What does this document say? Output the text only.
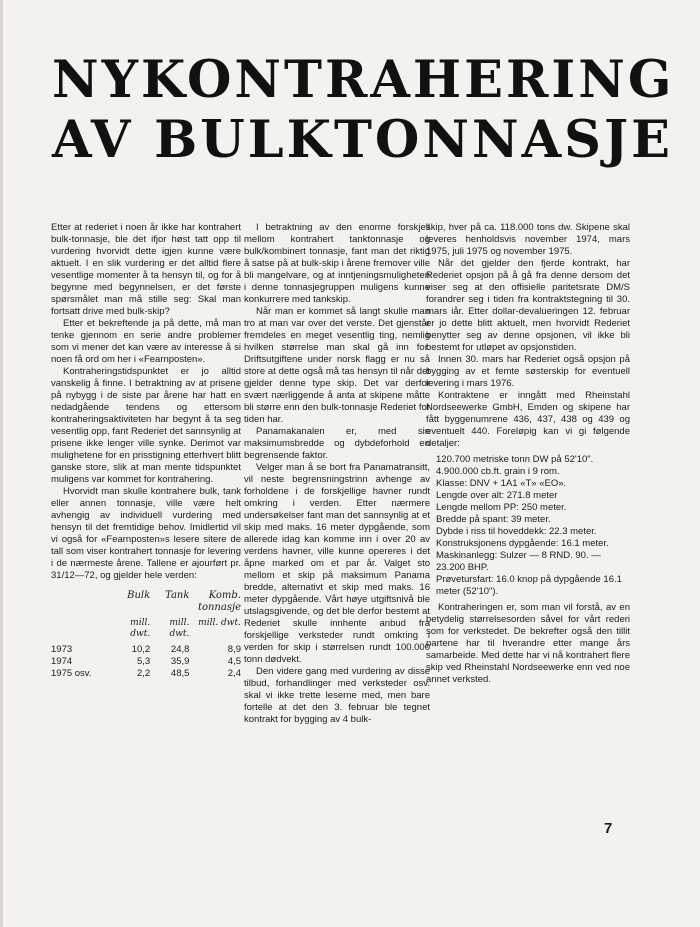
NYKONTRAHERING
AV BULKTONNASJE

Etter at rederiet i noen år ikke har kontrahert bulk-tonnasje, ble det ifjor høst tatt opp til vurdering hvorvidt dette igjen kunne være aktuelt. I en slik vurdering er det alltid flere vesentlige momenter å ta hensyn til, og for å begynne med begynnelsen, er det første spørsmålet man må stille seg: Skal man fortsatt drive med bulk-skip?

Etter et bekreftende ja på dette, må man tenke gjennom en serie andre problemer som vi mener det kan være av interesse å si noen få ord om her i «Fearnposten».

Kontraheringstidspunktet er jo alltid vanskelig å finne. I betraktning av at prisene på nybygg i de siste par årene har hatt en nedadgående tendens og ettersom kontraheringsaktiviteten har begynt å ta seg vesentlig opp, fant Rederiet det sannsynlig at prisene ikke lenger ville synke. Derimot var mulighetene for en prisstigning etterhvert blitt ganske store, slik at man mente tidspunktet muligens var kommet for kontrahering.

Hvorvidt man skulle kontrahere bulk, tank eller annen tonnasje, ville være helt avhengig av individuell vurdering med hensyn til det fremtidige behov. Imidlertid vil vi også for «Fearnposten»s lesere sitere de tall som viser kontrahert tonnasje for levering i de nærmeste årene. Tallene er ajourført pr. 31/12—72, og gjelder hele verden:

	Bulk	Tank	Komb. tonnasje
	mill. dwt.	mill. dwt.	mill. dwt.
1973	10,2	24,8	8,9
1974	5,3	35,9	4,5
1975 osv.	2,2	48,5	2,4

I betraktning av den enorme forskjell mellom kontrahert tanktonnasje og bulk/kombinert tonnasje, fant man det riktig å satse på at bulk-skip i årene fremover ville bli mangelvare, og at inntjeningsmuligheten i denne tonnasjegruppen muligens kunne konkurrere med tankskip.

Når man er kommet så langt skulle man tro at man var over det verste. Det gjenstår fremdeles en meget vesentlig ting, nemlig hvilken størrelse man skal gå inn for. Driftsutgiftene under norsk flagg er nu så store at dette også må tas hensyn til når det gjelder denne type skip. Det var derfor svært nærliggende å anta at skipene måtte bli større enn den bulk-tonnasje Rederiet for tiden har.

Panamakanalen er, med sin maksimumsbredde og dybdeforhold en begrensende faktor.

Velger man å se bort fra Panamatransitt, vil neste begrensningstrinn avhenge av forholdene i de forskjellige havner rundt omkring i verden. Etter nærmere undersøkelser fant man det sannsynlig at et skip med maks. 16 meter dypgående, som allerede idag kan komme inn i over 20 av verdens havner, ville kunne opereres i det åpne marked om et par år. Valget sto mellom et skip på maksimum Panama bredde, alternativt et skip med maks. 16 meter dypgående. Vårt høye utgiftsnivå ble utslagsgivende, og det ble derfor bestemt at Rederiet skulle innhente anbud fra forskjellige verksteder rundt omkring i verden for skip i størrelsen rundt 100.000 tonn dødvekt.

Den videre gang med vurdering av disse tilbud, forhandlinger med verksteder osv. skal vi ikke trette leserne med, men bare fortelle at det den 3. februar ble tegnet kontrakt for bygging av 4 bulk-

skip, hver på ca. 118.000 tons dw. Skipene skal leveres henholdsvis november 1974, mars 1975, juli 1975 og november 1975.

Når det gjelder den fjerde kontrakt, har Rederiet opsjon på å gå fra denne dersom det viser seg at den offisielle paritetsrate DM/S forandrer seg i tiden fra kontraktstegning til 30. mars iår. Etter dollar-devalueringen 12. februar er jo dette blitt aktuelt, men hvorvidt Rederiet benytter seg av denne opsjonen, vil ikke bli bestemt for utløpet av opsjonstiden.

Innen 30. mars har Rederiet også opsjon på bygging av et femte søsterskip for eventuell levering i mars 1976.

Kontraktene er inngått med Rheinstahl Nordseewerke GmbH, Emden og skipene har fått byggenumrene 436, 437, 438 og 439 og eventuelt 440. Foreløpig kan vi gi følgende detaljer:

120.700 metriske tonn DW på 52'10".
4.900.000 cb.ft. grain i 9 rom.
Klasse: DNV + 1A1 «T» «EO».
Lengde over alt: 271.8 meter
Lengde mellom PP: 250 meter.
Bredde på spant: 39 meter.
Dybde i riss til hoveddekk: 22.3 meter.
Konstruksjonens dypgående: 16.1 meter.
Maskinanlegg: Sulzer — 8 RND. 90. — 23.200 BHP.
Prøvetursfart: 16.0 knop på dypgående 16.1 meter (52'10").

Kontraheringen er, som man vil forstå, av en betydelig størrelsesorden såvel for vårt rederi som for verkstedet. De bekrefter også den tillit partene har til hverandre etter mange års samarbeide. Med dette har vi nå kontrahert flere skip ved Rheinstahl Nordseewerke enn ved noe annet verksted.

7
